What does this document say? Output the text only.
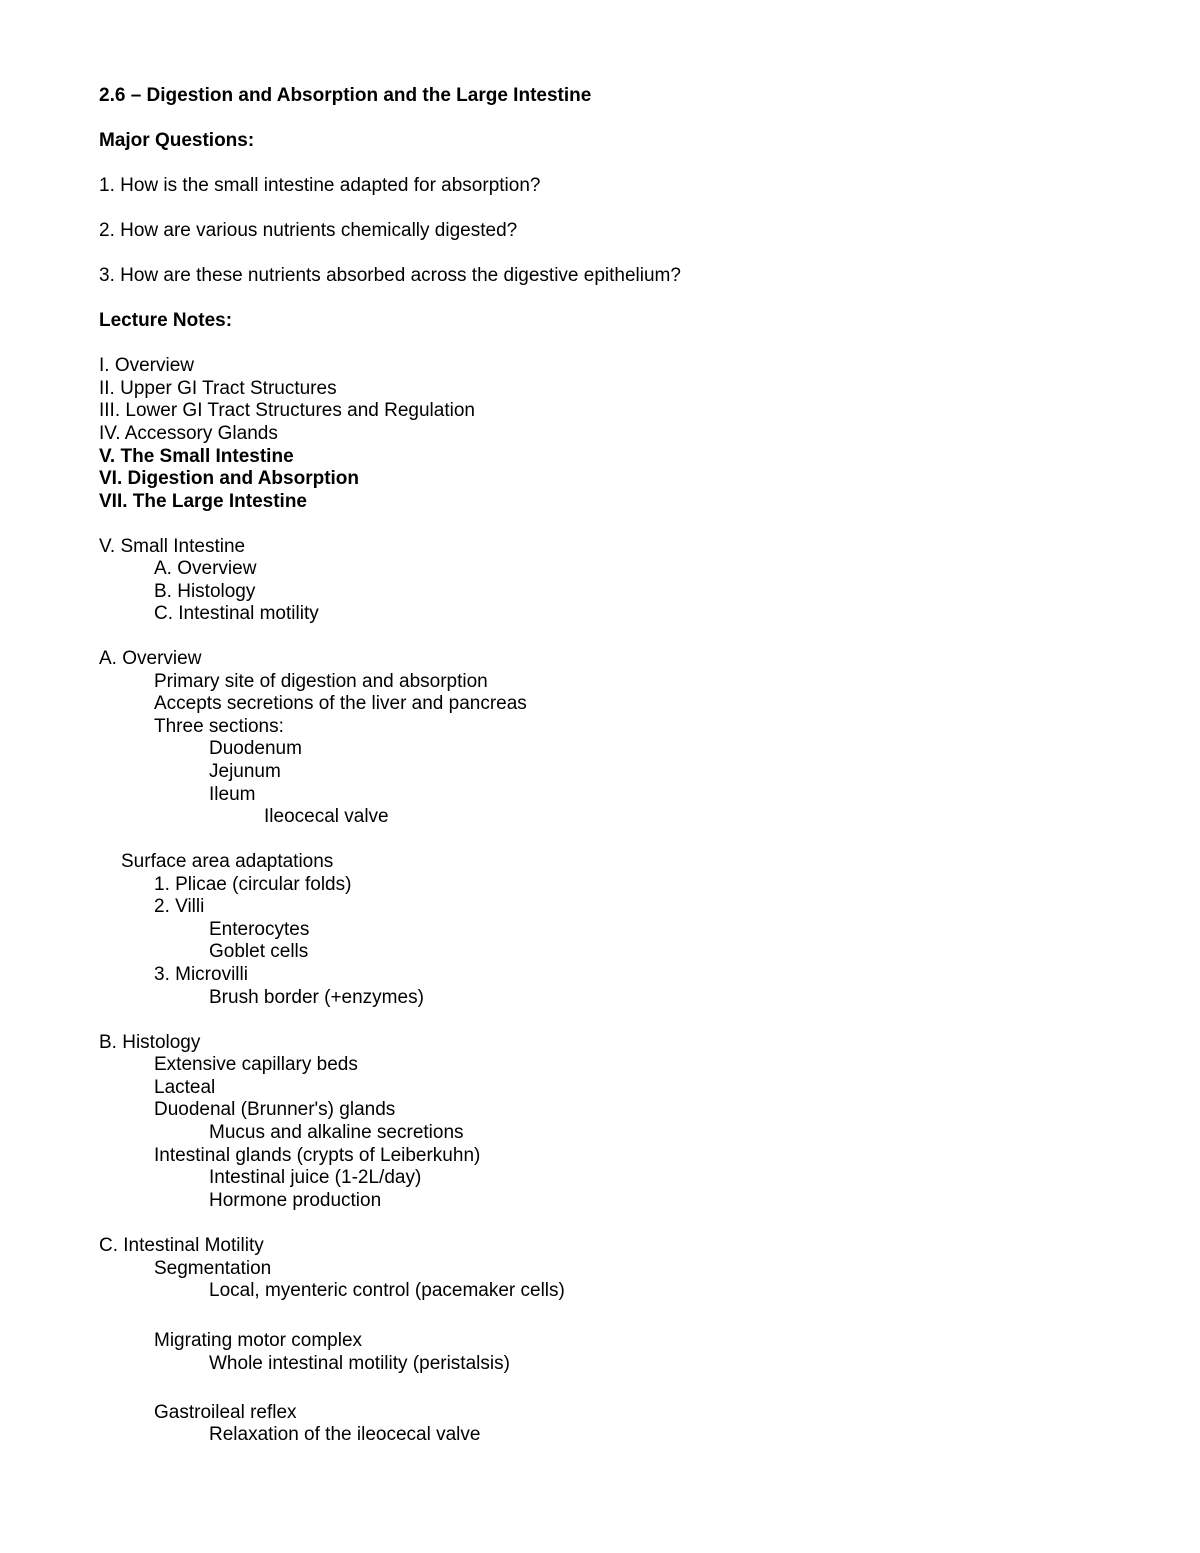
2.6 – Digestion and Absorption and the Large Intestine
Major Questions:
1. How is the small intestine adapted for absorption?
2. How are various nutrients chemically digested?
3. How are these nutrients absorbed across the digestive epithelium?
Lecture Notes:
I. Overview
II. Upper GI Tract Structures
III. Lower GI Tract Structures and Regulation
IV. Accessory Glands
V. The Small Intestine
VI. Digestion and Absorption
VII. The Large Intestine
V. Small Intestine
A. Overview
B. Histology
C. Intestinal motility
A. Overview
Primary site of digestion and absorption
Accepts secretions of the liver and pancreas
Three sections:
Duodenum
Jejunum
Ileum
Ileocecal valve
Surface area adaptations
1. Plicae (circular folds)
2. Villi
Enterocytes
Goblet cells
3. Microvilli
Brush border (+enzymes)
B. Histology
Extensive capillary beds
Lacteal
Duodenal (Brunner's) glands
Mucus and alkaline secretions
Intestinal glands (crypts of Leiberkuhn)
Intestinal juice (1-2L/day)
Hormone production
C. Intestinal Motility
Segmentation
Local, myenteric control (pacemaker cells)
Migrating motor complex
Whole intestinal motility (peristalsis)
Gastroileal reflex
Relaxation of the ileocecal valve
